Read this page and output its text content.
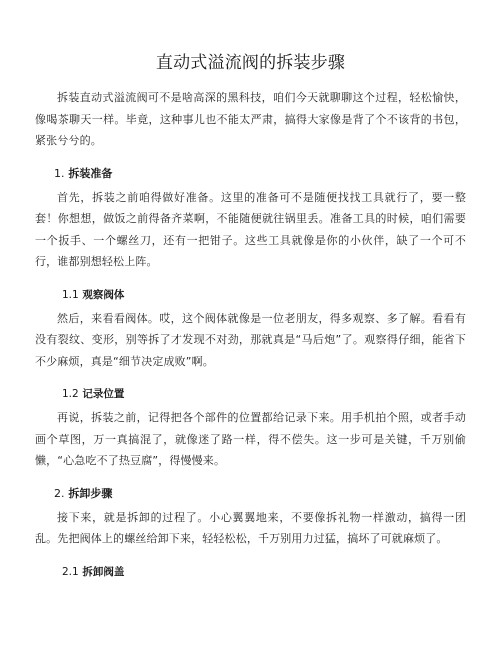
直动式溢流阀的拆装步骤

拆装直动式溢流阀可不是啥高深的黑科技，咱们今天就聊聊这个过程，轻松愉快，像喝茶聊天一样。毕竟，这种事儿也不能太严肃，搞得大家像是背了个不该背的书包，紧张兮兮的。

1. 拆装准备

首先，拆装之前咱得做好准备。这里的准备可不是随便找找工具就行了，要一整套！你想想，做饭之前得备齐菜啊，不能随便就往锅里丢。准备工具的时候，咱们需要一个扳手、一个螺丝刀，还有一把钳子。这些工具就像是你的小伙伴，缺了一个可不行，谁都别想轻松上阵。

1.1 观察阀体

然后，来看看阀体。哎，这个阀体就像是一位老朋友，得多观察、多了解。看看有没有裂纹、变形，别等拆了才发现不对劲，那就真是“马后炮”了。观察得仔细，能省下不少麻烦，真是“细节决定成败”啊。

1.2 记录位置

再说，拆装之前，记得把各个部件的位置都给记录下来。用手机拍个照，或者手动画个草图，万一真搞混了，就像迷了路一样，得不偿失。这一步可是关键，千万别偷懒，“心急吃不了热豆腐”，得慢慢来。

2. 拆卸步骤

接下来，就是拆卸的过程了。小心翼翼地来，不要像拆礼物一样激动，搞得一团乱。先把阀体上的螺丝给卸下来，轻轻松松，千万别用力过猛，搞坏了可就麻烦了。

2.1 拆卸阀盖
